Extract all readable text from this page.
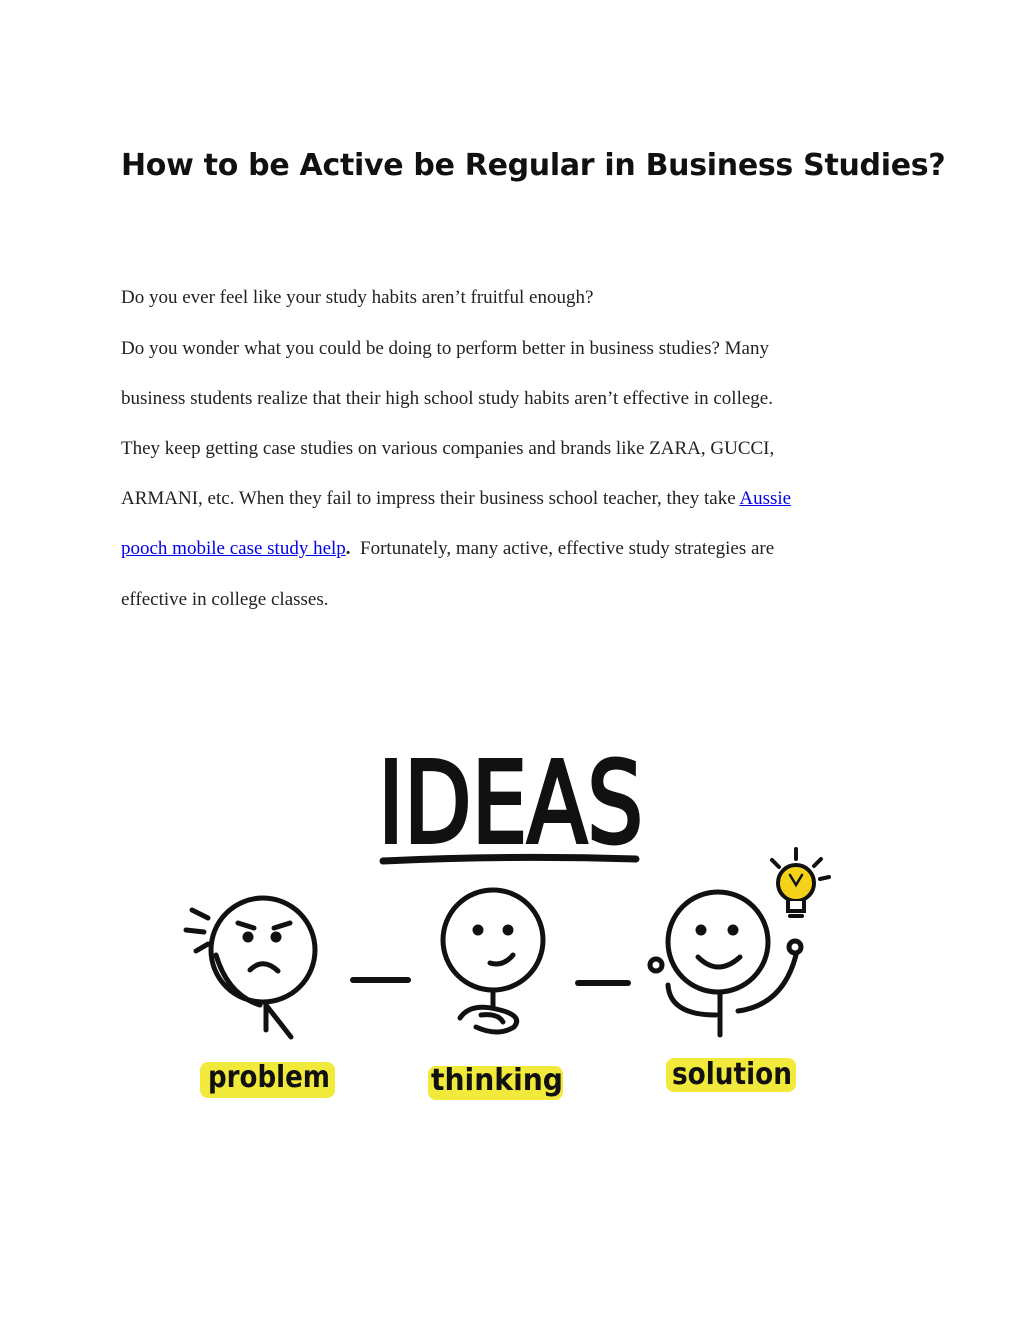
How to be Active be Regular in Business Studies?

Do you ever feel like your study habits aren’t fruitful enough?

Do you wonder what you could be doing to perform better in business studies? Many

business students realize that their high school study habits aren’t effective in college.

They keep getting case studies on various companies and brands like ZARA, GUCCI,

ARMANI, etc. When they fail to impress their business school teacher, they take Aussie

pooch mobile case study help.  Fortunately, many active, effective study strategies are

effective in college classes.

IDEAS
problem	thinking	solution
